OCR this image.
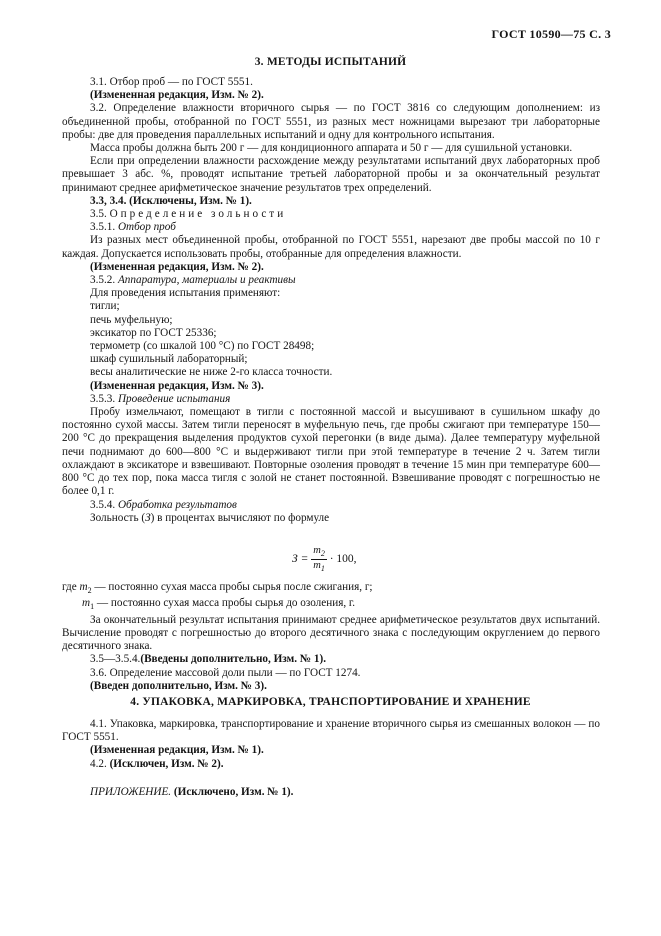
ГОСТ 10590—75 С. 3
3. МЕТОДЫ ИСПЫТАНИЙ

3.1. Отбор проб — по ГОСТ 5551.

(Измененная редакция, Изм. № 2).

3.2. Определение влажности вторичного сырья — по ГОСТ 3816 со следующим дополнением: из объединенной пробы, отобранной по ГОСТ 5551, из разных мест ножницами вырезают три лабораторные пробы: две для проведения параллельных испытаний и одну для контрольного испытания.

Масса пробы должна быть 200 г — для кондиционного аппарата и 50 г — для сушильной установки.

Если при определении влажности расхождение между результатами испытаний двух лабораторных проб превышает 3 абс. %, проводят испытание третьей лабораторной пробы и за окончательный результат принимают среднее арифметическое значение результатов трех определений.

3.3, 3.4. (Исключены, Изм. № 1).

3.5. Определение зольности

3.5.1. Отбор проб

Из разных мест объединенной пробы, отобранной по ГОСТ 5551, нарезают две пробы массой по 10 г каждая. Допускается использовать пробы, отобранные для определения влажности.

(Измененная редакция, Изм. № 2).

3.5.2. Аппаратура, материалы и реактивы

Для проведения испытания применяют:

тигли;

печь муфельную;

эксикатор по ГОСТ 25336;

термометр (со шкалой 100 °С) по ГОСТ 28498;

шкаф сушильный лабораторный;

весы аналитические не ниже 2-го класса точности.

(Измененная редакция, Изм. № 3).

3.5.3. Проведение испытания

Пробу измельчают, помещают в тигли с постоянной массой и высушивают в сушильном шкафу до постоянно сухой массы. Затем тигли переносят в муфельную печь, где пробы сжигают при температуре 150—200 °С до прекращения выделения продуктов сухой перегонки (в виде дыма). Далее температуру муфельной печи поднимают до 600—800 °С и выдерживают тигли при этой температуре в течение 2 ч. Затем тигли охлаждают в эксикаторе и взвешивают. Повторные озоления проводят в течение 15 мин при температуре 600—800 °С до тех пор, пока масса тигля с золой не станет постоянной. Взвешивание проводят с погрешностью не более 0,1 г.

3.5.4. Обработка результатов

Зольность (З) в процентах вычисляют по формуле

$З = \frac{m_2}{m_1} \cdot 100$,

где $m_2$ — постоянно сухая масса пробы сырья после сжигания, г;

$m_1$ — постоянно сухая масса пробы сырья до озоления, г.

За окончательный результат испытания принимают среднее арифметическое результатов двух испытаний. Вычисление проводят с погрешностью до второго десятичного знака с последующим округлением до первого десятичного знака.

3.5—3.5.4.(Введены дополнительно, Изм. № 1).

3.6. Определение массовой доли пыли — по ГОСТ 1274.

(Введен дополнительно, Изм. № 3).

4. УПАКОВКА, МАРКИРОВКА, ТРАНСПОРТИРОВАНИЕ И ХРАНЕНИЕ

4.1. Упаковка, маркировка, транспортирование и хранение вторичного сырья из смешанных волокон — по ГОСТ 5551.

(Измененная редакция, Изм. № 1).

4.2. (Исключен, Изм. № 2).

ПРИЛОЖЕНИЕ. (Исключено, Изм. № 1).
